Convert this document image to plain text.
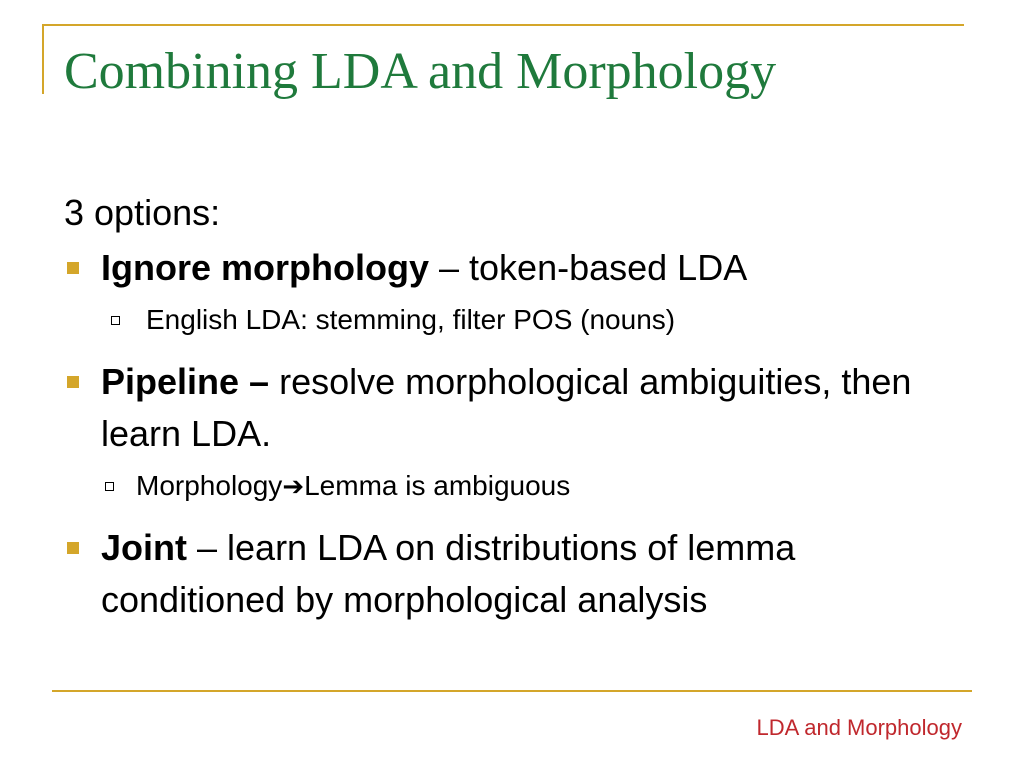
Combining LDA and Morphology
3 options:
Ignore morphology – token-based LDA
English LDA: stemming, filter POS (nouns)
Pipeline – resolve morphological ambiguities, then learn LDA.
Morphology➔Lemma is ambiguous
Joint – learn LDA on distributions of lemma conditioned by morphological analysis
LDA and Morphology
